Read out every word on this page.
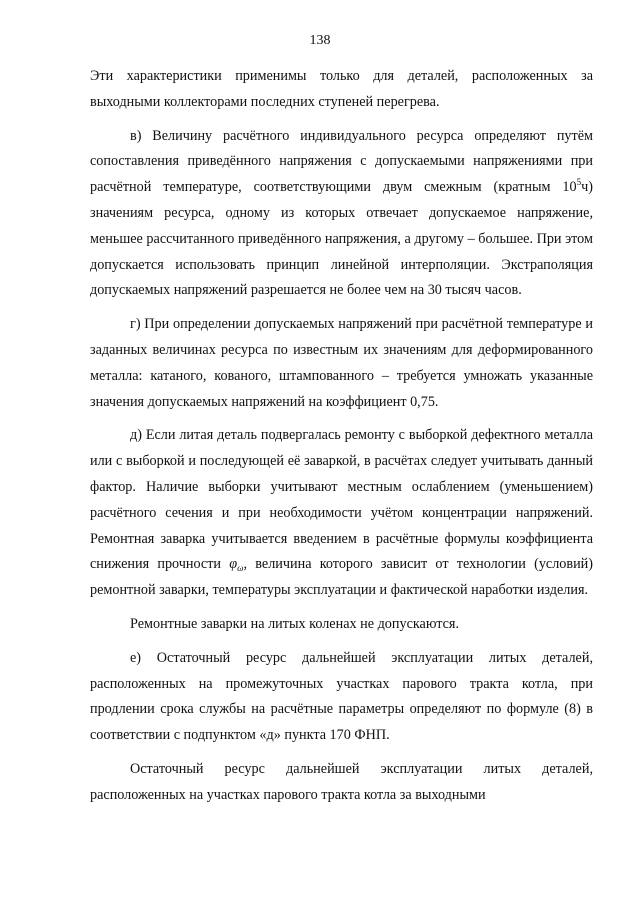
138

Эти характеристики применимы только для деталей, расположенных за выходными коллекторами последних ступеней перегрева.

в) Величину расчётного индивидуального ресурса определяют путём сопоставления приведённого напряжения с допускаемыми напряжениями при расчётной температуре, соответствующими двум смежным (кратным $10^5ч$) значениям ресурса, одному из которых отвечает допускаемое напряжение, меньшее рассчитанного приведённого напряжения, а другому – большее. При этом допускается использовать принцип линейной интерполяции. Экстраполяция допускаемых напряжений разрешается не более чем на 30 тысяч часов.

г) При определении допускаемых напряжений при расчётной температуре и заданных величинах ресурса по известным их значениям для деформированного металла: катаного, кованого, штампованного – требуется умножать указанные значения допускаемых напряжений на коэффициент 0,75.

д) Если литая деталь подвергалась ремонту с выборкой дефектного металла или с выборкой и последующей её заваркой, в расчётах следует учитывать данный фактор. Наличие выборки учитывают местным ослаблением (уменьшением) расчётного сечения и при необходимости учётом концентрации напряжений. Ремонтная заварка учитывается введением в расчётные формулы коэффициента снижения прочности $\varphi_\omega$, величина которого зависит от технологии (условий) ремонтной заварки, температуры эксплуатации и фактической наработки изделия.

Ремонтные заварки на литых коленах не допускаются.

е) Остаточный ресурс дальнейшей эксплуатации литых деталей, расположенных на промежуточных участках парового тракта котла, при продлении срока службы на расчётные параметры определяют по формуле (8) в соответствии с подпунктом «д» пункта 170 ФНП.

Остаточный ресурс дальнейшей эксплуатации литых деталей, расположенных на участках парового тракта котла за выходными
